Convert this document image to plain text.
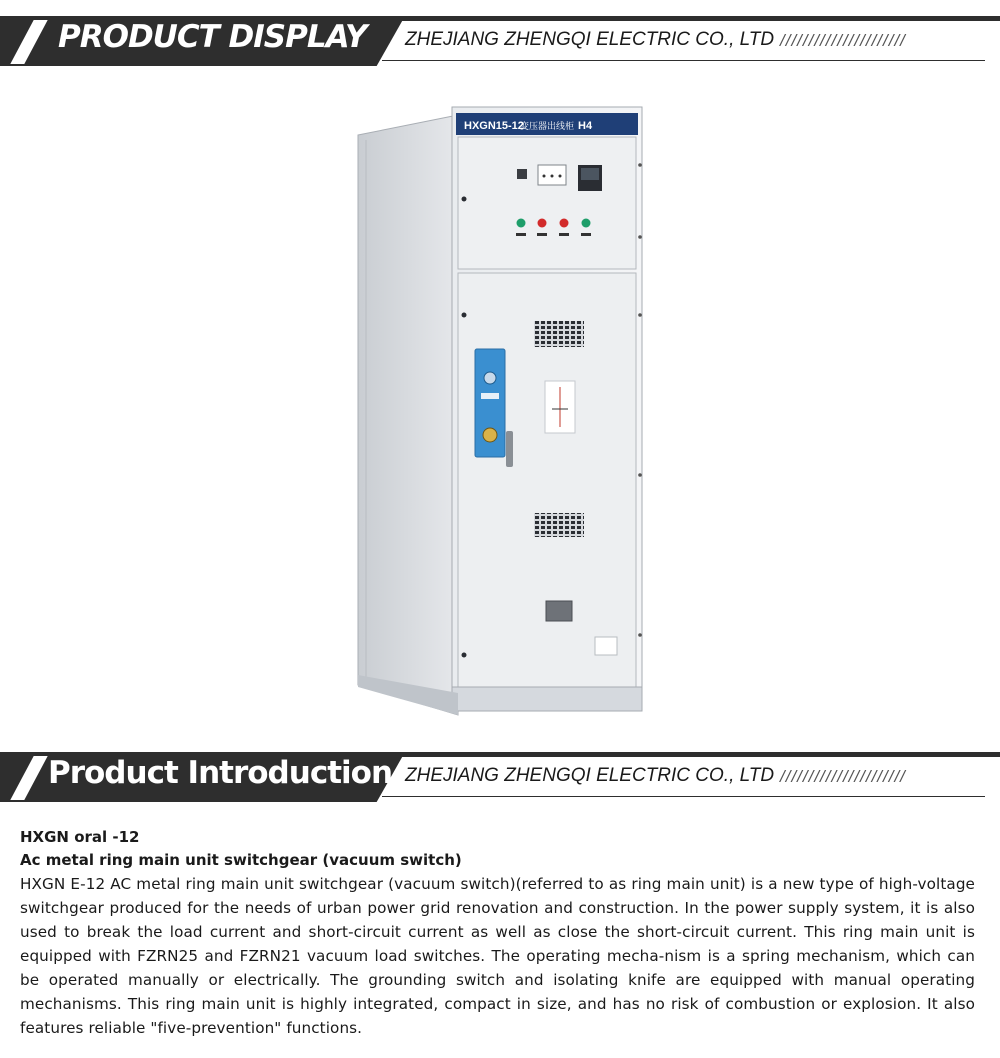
PRODUCT DISPLAY ZHEJIANG ZHENGQI ELECTRIC CO., LTD //////////////////////
HXGN15-12
变压器出线柜 H4
Product Introduction ZHEJIANG ZHENGQI ELECTRIC CO., LTD //////////////////////
HXGN oral -12
Ac metal ring main unit switchgear (vacuum switch)

HXGN E-12 AC metal ring main unit switchgear (vacuum switch)(referred to as ring main unit) is a new type of high-voltage switchgear produced for the needs of urban power grid renovation and construction. In the power supply system, it is also used to break the load current and short-circuit current as well as close the short-circuit current. This ring main unit is equipped with FZRN25 and FZRN21 vacuum load switches. The operating mecha-nism is a spring mechanism, which can be operated manually or electrically. The grounding switch and isolating knife are equipped with manual operating mechanisms. This ring main unit is highly integrated, compact in size, and has no risk of combustion or explosion. It also features reliable "five-prevention" functions.
